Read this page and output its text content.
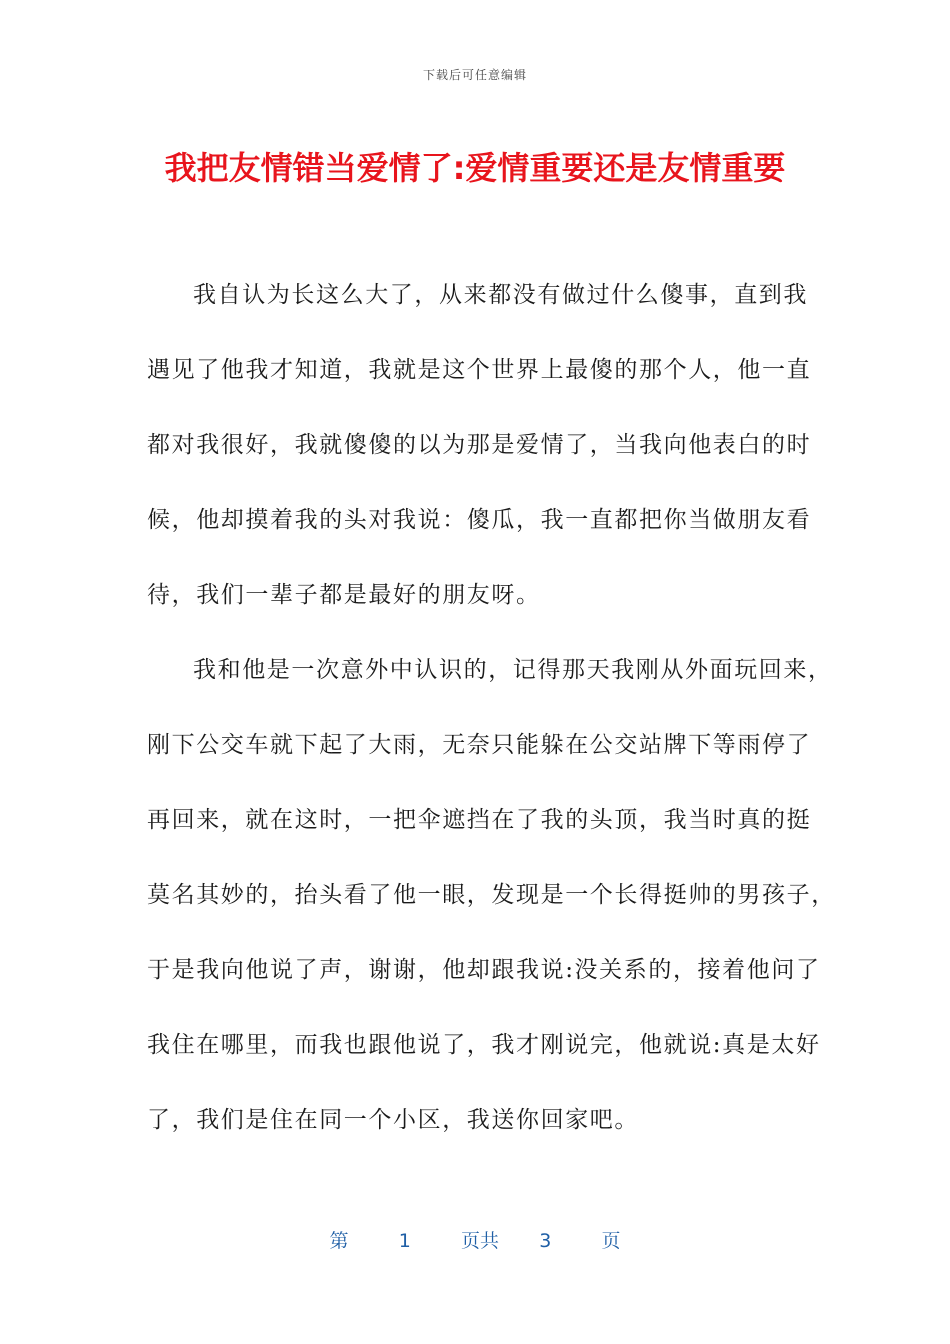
下载后可任意编辑
我把友情错当爱情了:爱情重要还是友情重要
我自认为长这么大了，从来都没有做过什么傻事，直到我
遇见了他我才知道，我就是这个世界上最傻的那个人，他一直
都对我很好，我就傻傻的以为那是爱情了，当我向他表白的时
候，他却摸着我的头对我说：傻瓜，我一直都把你当做朋友看
待，我们一辈子都是最好的朋友呀。
我和他是一次意外中认识的，记得那天我刚从外面玩回来，
刚下公交车就下起了大雨，无奈只能躲在公交站牌下等雨停了
再回来，就在这时，一把伞遮挡在了我的头顶，我当时真的挺
莫名其妙的，抬头看了他一眼，发现是一个长得挺帅的男孩子，
于是我向他说了声，谢谢，他却跟我说:没关系的，接着他问了
我住在哪里，而我也跟他说了，我才刚说完，他就说:真是太好
了，我们是住在同一个小区，我送你回家吧。
第	1	页共 3	页
